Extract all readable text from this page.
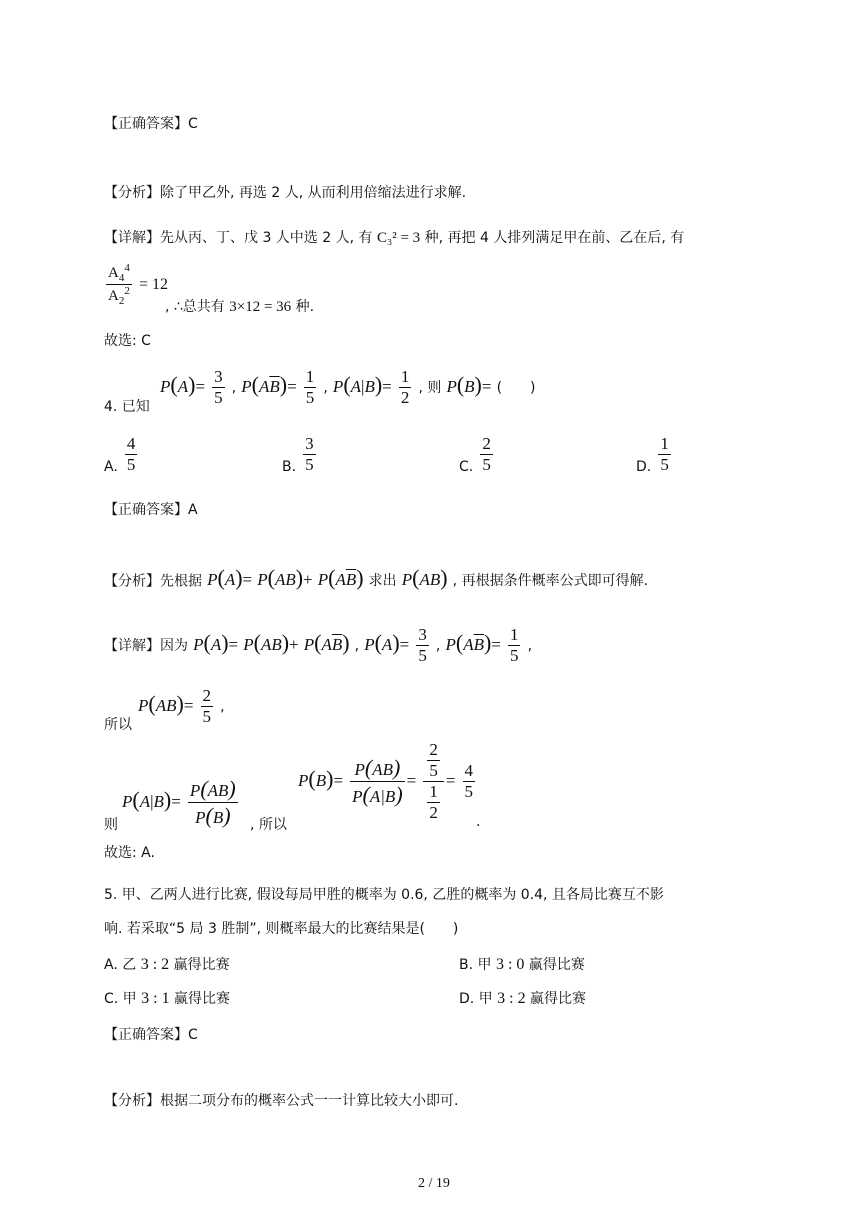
【正确答案】C
【分析】除了甲乙外, 再选 2 人, 从而利用倍缩法进行求解.
【详解】先从丙、丁、戊 3 人中选 2 人, 有 C₃² = 3 种, 再把 4 人排列满足甲在前、乙在后, 有
$\frac{A_4^4}{A_2^2} = 12$
, ∴总共有 3×12 = 36 种.
故选: C
4. 已知
$P(A)= \frac{3}{5}$ , $P(A\overline{B})= \frac{1}{5}$ , $P(A|B)= \frac{1}{2}$ , 则 P(B)= (　　)
A. $\frac{4}{5}$	B. $\frac{3}{5}$	C. $\frac{2}{5}$	D. $\frac{1}{5}$
【正确答案】A
【分析】先根据 $P(A)= P(AB)+ P(A\overline{B})$ 求出 P(AB) , 再根据条件概率公式即可得解.
【详解】因为 $P(A)= P(AB)+ P(A\overline{B})$ , $P(A)= \frac{3}{5}$ , $P(A\overline{B})= \frac{1}{5}$ ,
所以
$P(AB)= \frac{2}{5}$ ,
则
$P(A|B)= \frac{P(AB)}{P(B)}$ , 所以
$P(B)= \frac{P(AB)}{P(A|B)} = \frac{\frac{2}{5}}{\frac{1}{2}} = \frac{4}{5}$
.
故选: A.
5. 甲、乙两人进行比赛, 假设每局甲胜的概率为 0.6, 乙胜的概率为 0.4, 且各局比赛互不影
响. 若采取“5 局 3 胜制”, 则概率最大的比赛结果是(　　)
A. 乙 3 : 2 赢得比赛	B. 甲 3 : 0 赢得比赛
C. 甲 3 : 1 赢得比赛	D. 甲 3 : 2 赢得比赛
【正确答案】C
【分析】根据二项分布的概率公式一一计算比较大小即可.
2 / 19
